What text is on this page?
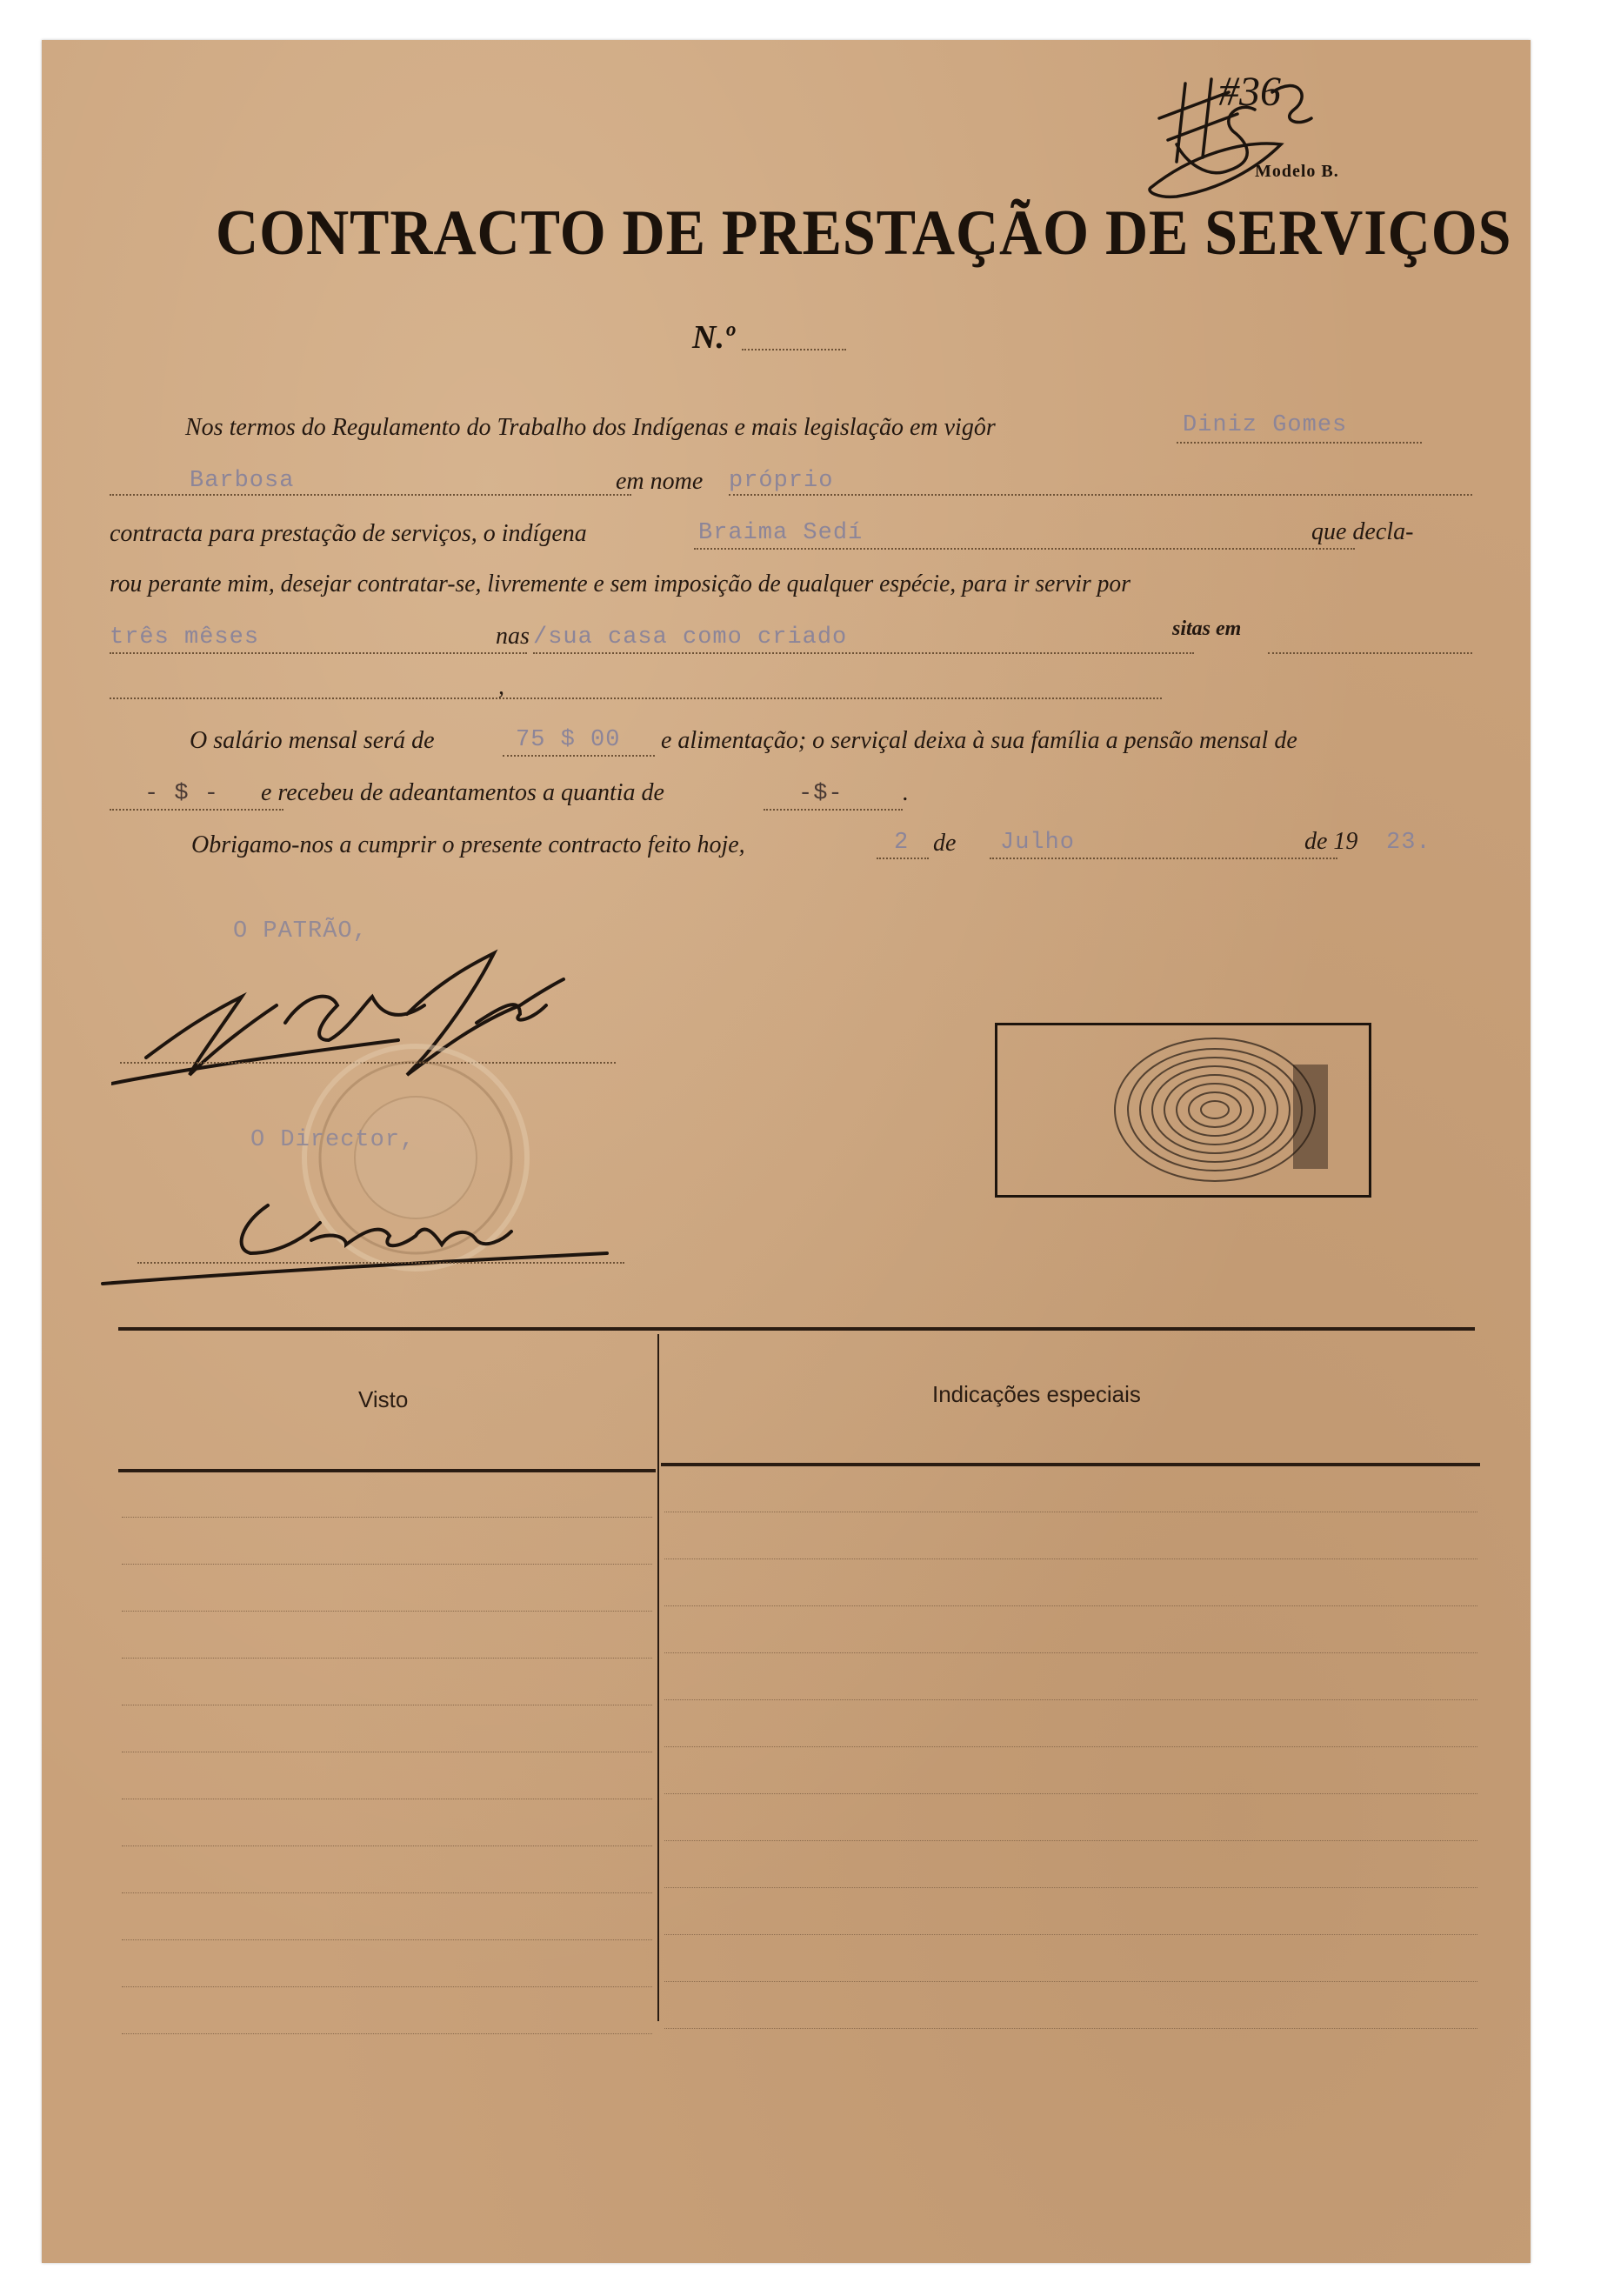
#36
Modelo B.
CONTRACTO DE PRESTAÇÃO DE SERVIÇOS
N.º
Nos termos do Regulamento do Trabalho dos Indígenas e mais legislação em vigôr	Diniz Gomes
Barbosa	em nome próprio
contracta para prestação de serviços, o indígena	Braima Sedí	que decla-
rou perante mim, desejar contratar-se, livremente e sem imposição de qualquer espécie, para ir servir por
três mêses	nas /sua casa como criado	sitas em
,
O salário mensal será de	75 $ 00 e alimentação; o serviçal deixa à sua família a pensão mensal de
- $ - e recebeu de adeantamentos a quantia de	-$- .
Obrigamo-nos a cumprir o presente contracto feito hoje,	2 de Julho	de 19 23.
O PATRÃO,
O Director,
Visto	Indicações especiais
